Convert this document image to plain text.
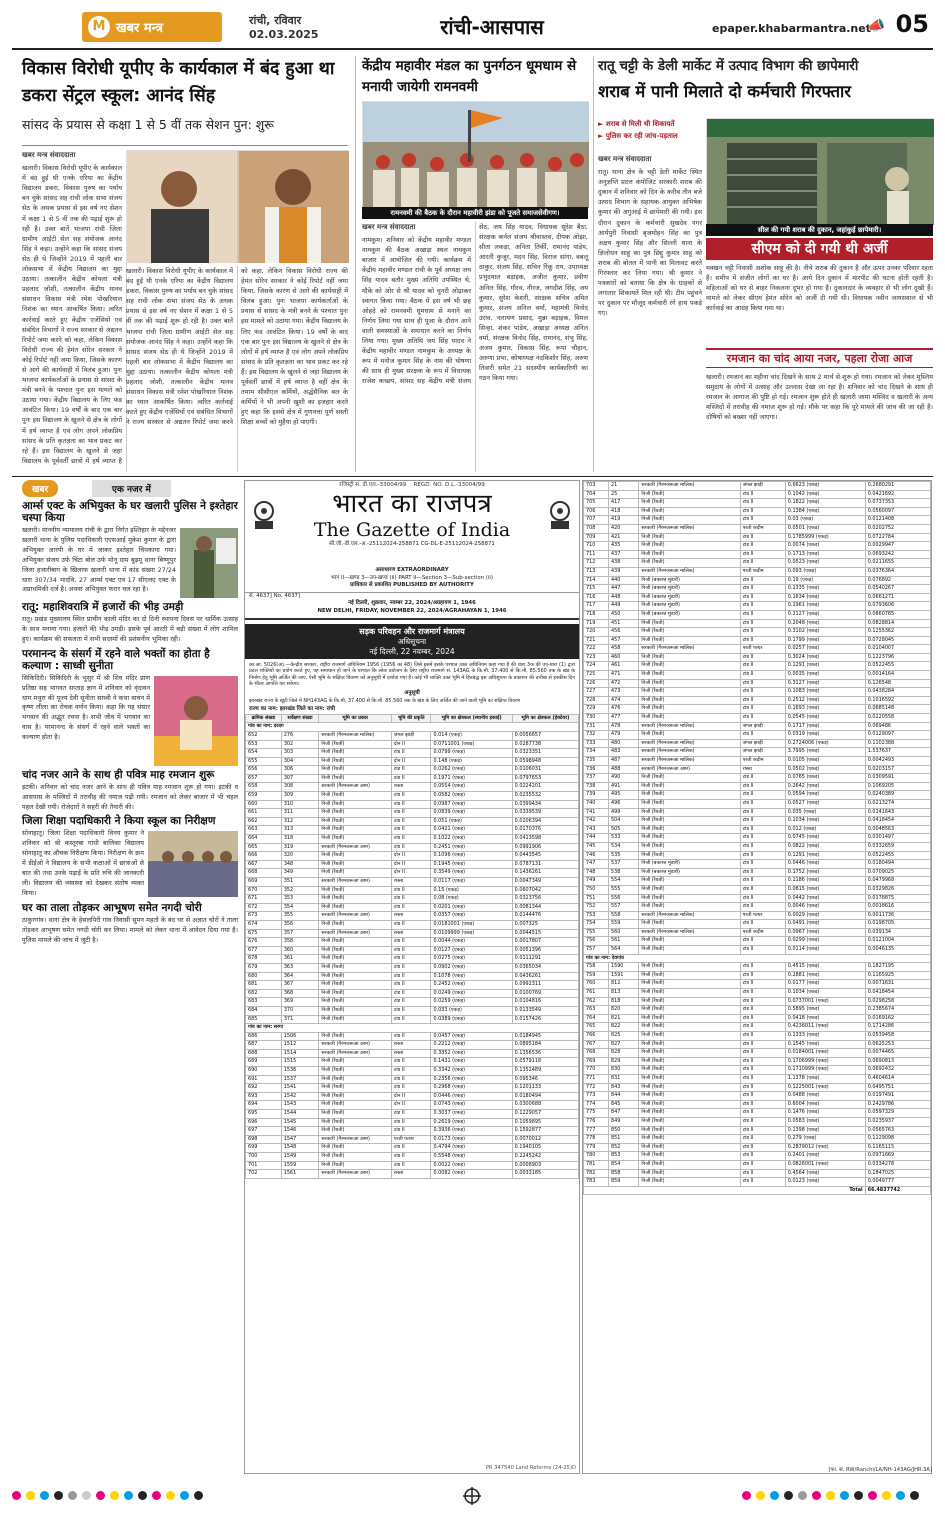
M खबर मन्त्र
रांची, रविवार
02.03.2025	रांची-आसपास	epaper.khabarmantra.net
📣 05
विकास विरोधी यूपीए के कार्यकाल में बंद हुआ था डकरा सेंट्रल स्कूल: आनंद सिंह
सांसद के प्रयास से कक्षा 1 से 5 वीं तक सेशन पुन: शुरू
खबर मन्त्र संवाददाता
खलारी। विकास विरोधी यूपीए के कार्यकाल में बंद हुई थी एनके एरिया का केंद्रीय विद्यालय डकरा, विकास पुरुष का पर्याय बन चुके सांसद सह रांची लोक सभा संजय सेठ के अथक प्रयास से इस वर्ष नए सेशन में कक्षा 1 से 5 वीं तक की पढ़ाई शुरू हो रही है। उक्त बातें भाजपा रांची जिला ग्रामीण आईटी सेल सह संयोजक आनंद सिंह ने कहा। उन्होंने कहा कि सांसद संजय सेठ ही थे जिन्होंने 2019 में पहली बार लोकसभा में केंद्रीय विद्यालय का मुद्दा उठाया। तत्कालीन केंद्रीय कोयला मंत्री प्रहलाद जोशी, तत्कालीन केंद्रीय मानव संसाधन विकास मंत्री रमेश पोखरियाल निशंक का ध्यान आकर्षित किया। त्वरित कार्रवाई करते हुए केंद्रीय एजेंसियों एवं संबंधित विभागों ने राज्य सरकार से अद्यतन रिपोर्ट जमा करने को कहा, लेकिन विकास विरोधी राज्य की हेमंत सोरेन सरकार ने कोई रिपोर्ट नहीं जमा किया, जिसके कारण से आगे की कार्यवाही में विलंब हुआ। पुनः भाजपा कार्यकर्ताओं के प्रयास से सांसद के मंत्री बनने के पश्चात पुनः इस मामले को उठाया गया। केंद्रीय विद्यालय के लिए फंड आवंटित किया। 19 वर्षों के बाद एक बार पुनः इस विद्यालय के खुलने से क्षेत्र के लोगों में हर्ष व्याप्त है एवं लोग अपने लोकप्रिय सांसद के प्रति कृतज्ञता का भाव प्रकट कर रहे हैं। इस विद्यालय के खुलने से जहां विद्यालय के पूर्ववर्ती छात्रों में हर्ष व्याप्त है
खलारी। विकास विरोधी यूपीए के कार्यकाल में बंद हुई थी एनके एरिया का केंद्रीय विद्यालय डकरा, विकास पुरुष का पर्याय बन चुके सांसद सह रांची लोक सभा संजय सेठ के अथक प्रयास से इस वर्ष नए सेशन में कक्षा 1 से 5 वीं तक की पढ़ाई शुरू हो रही है। उक्त बातें भाजपा रांची जिला ग्रामीण आईटी सेल सह संयोजक आनंद सिंह ने कहा। उन्होंने कहा कि सांसद संजय सेठ ही थे जिन्होंने 2019 में पहली बार लोकसभा में केंद्रीय विद्यालय का मुद्दा उठाया। तत्कालीन केंद्रीय कोयला मंत्री प्रहलाद जोशी, तत्कालीन केंद्रीय मानव संसाधन विकास मंत्री रमेश पोखरियाल निशंक का ध्यान आकर्षित किया। त्वरित कार्रवाई करते हुए केंद्रीय एजेंसियों एवं संबंधित विभागों ने राज्य सरकार से अद्यतन रिपोर्ट जमा करने को कहा, लेकिन विकास विरोधी राज्य की हेमंत सोरेन सरकार ने कोई रिपोर्ट नहीं जमा किया, जिसके कारण से आगे की कार्यवाही में विलंब हुआ। पुनः भाजपा कार्यकर्ताओं के प्रयास से सांसद के मंत्री बनने के पश्चात पुनः इस मामले को उठाया गया। केंद्रीय विद्यालय के लिए फंड आवंटित किया। 19 वर्षों के बाद एक बार पुनः इस विद्यालय के खुलने से क्षेत्र के लोगों में हर्ष व्याप्त है एवं लोग अपने लोकप्रिय सांसद के प्रति कृतज्ञता का भाव प्रकट कर रहे हैं। इस विद्यालय के खुलने से जहां विद्यालय के पूर्ववर्ती छात्रों में हर्ष व्याप्त है वहीं क्षेत्र के तमाम सीसीएल कर्मियों, अर्द्धसैनिक बल के कर्मियों ने भी अपनी खुशी का इजहार करते हुए कहा कि इससे क्षेत्र में गुणवत्ता पूर्ण सस्ती शिक्षा बच्चों को मुहैया हो पाएगी।
केंद्रीय महावीर मंडल का पुनर्गठन धूमधाम से मनायी जायेगी रामनवमी
रामनवमी की बैठक के दौरान महावीरी झंडा को पूजते समाजसेवीगण।
खबर मन्त्र संवाददाता
नामकुम। शनिवार को केंद्रीय महावीर मण्डल नामकुम की बैठक अखाड़ा स्थल नामकुम बाजार में आयोजित की गयी। कार्यक्रम में केंद्रीय महावीर मण्डल रांची के पूर्व अध्यक्ष जय सिंह यादव बतौर मुख्य अतिथि उपस्थित थे, मौके को ओर से श्री यादव को चुनरी ओढ़ाकर स्वागत किया गया। बैठक में इस वर्ष भी छह ओहदे को रामनवमी धूमधाम से मनाने का निर्णय लिया गया साथ ही पूजा के दौरान आने वाली समस्याओं के समाधान करने का निर्णय लिया गया। मुख्य अतिथि जय सिंह यादव ने केंद्रीय महावीर मण्डल नामकुम के अध्यक्ष के रूप में मनोज कुमार सिंह के नाम की घोषणा की साथ ही मुख्य संरक्षक के रूप में विधायक राजेश कच्छप, सांसद सह केंद्रीय मंत्री संजय सेठ, जय सिंह यादव, विधायक सुरेश बैठा, संरक्षक कर्नल संजय श्रीवास्तव, दीपक ओझा, सीता लकड़ा, अनिता तिर्की, रामानंद पांडेय, आरती कुजूर, मदन सिंह, विराज सांगा, बबलू ठाकुर, संजय सिंह, सचिन रिंकू राय, उपाध्यक्ष प्रभुदयाल बड़ाइक, अजीत कुमार, प्रवीण अनिल सिंह, गौरव, नीरज, जगदीश सिंह, जय कुमार, सुरेश केशरी, संरक्षक सचिव अमित कुमार, संजय अनिल वर्मा, महामंत्री विनोद उरांव, नारायण प्रसाद, मुन्ना बड़ाइक, विमल सिन्हा, शंकर पांडेय, अखाड़ा अध्यक्ष अनिल वर्मा, संरक्षक विनोद सिंह, रामानंद, शंभु सिंह, अजय कुमार, विकास सिंह, रूपा चौहान, अरुणा प्रभा, कोषाध्यक्ष नंदकिशोर सिंह, अरुण तिवारी समेत 21 सदस्यीय कार्यकारिणी का गठन किया गया।
रातू चट्टी के डेली मार्केट में उत्पाद विभाग की छापेमारी
शराब में पानी मिलाते दो कर्मचारी गिरफ्तार
► शराब से मिली थी शिकायतें
► पुलिस कर रही जांच-पड़ताल
खबर मन्त्र संवाददाता
रातू। थाना क्षेत्र के चट्टी डेली मार्केट स्थित अनुज्ञप्ति प्रदत्त कंपोजिट सरकारी शराब की दुकान में शनिवार को दिन के करीब तीन बजे उत्पाद विभाग के सहायक आयुक्त अभिषेक कुमार की अगुआई में छापेमारी की गयी। इस दौरान दुकान के कर्मचारी सुखदेव नगर आर्यपुरी निवासी बृजमोहन सिंह का पुत्र अक्षय कुमार सिंह और सिल्ली थाना के ज्ञिलोधन साहू का पुत्र छिद्दु कुमार साहू को शराब की बोतल में पानी का मिलावट करते गिरफ्तार कर लिया गया। श्री कुमार ने पत्रकारों को बताया कि क्षेत्र के ग्राहकों से लगातार शिकायतें मिल रही थी। टीम पहुंचने पर दुकान पर मौजूद कर्मचारी रंगे हाथ पकड़े गए।
सील की गयी शराब की दुकान, जहांकुई छापेमारी।
सीएम को दी गयी थी अर्जी
मक्खन चट्टी निवासी अशोक साहू की है। नीचे शराब की दुकान है और ऊपर उनका परिवार रहता है। समीप में संजीत लोगों का घर है। आये दिन दुकान में मारपीट की घटना होती रहती है। महिलाओं को घर से बाहर निकलना दूभर हो गया है। दुकानदार के व्यवहार से भी लोग दुखी हैं। मामले को लेकर सीएम हेमंत सोरेन को अर्जी दी गयी थी। विधायक नवीन जायसवाल से भी कार्रवाई का आग्रह किया गया था।
रमजान का चांद आया नजर, पहला रोजा आज
खलारी। रमजान का महीना चांद दिखने के साथ 2 मार्च से शुरू हो गया। रमजान को लेकर मुस्लिम समुदाय के लोगों में उत्साह और उल्लास देखा जा रहा है। शनिवार को चांद दिखने के साथ ही रमजान के आगाज की पुष्टि हो गई। रमजान शुरू होते ही खलारी जामा मस्जिद व खलारी के अन्य मस्जिदों में तरावीह की नमाज शुरू हो गई। मौके पर कहा कि पूरे मामले की जांच की जा रही है। दोषियों को बख्शा नहीं जाएगा।
खबर	एक नजर में
आर्म्स एक्ट के अभियुक्त के घर खलारी पुलिस ने इश्तेहार चस्पा किया

खलारी। माननीय न्यायालय रांची के द्वारा निर्गत इश्तिहार के मद्देनजर खलारी थाना के पुलिस पदाधिकारी एएसआई मुकेश कुमार के द्वारा अभियुक्त आरपी के घर में जाकर इश्तेहार चिपकाया गया। अभियुक्त संजय उर्फ चिंटा बोल उर्फ मोनू ग्राम बुढ़मू थाना बिष्णुपुर जिला हजारीबाग के खिलाफ खलारी थाना में कांड संख्या 27/24 धारा 307/34 भादंवि, 27 आर्म्स एक्ट एवं 17 सीएलए एक्ट के अप्राथमिकी दर्ज है। अथवा अभियुक्त फरार चल रहा है।

रातू: महाशिवरात्रि में हजारों की भीड़ उमड़ी

रातू। प्रखंड मुख्यालय स्थित प्राचीन काली मंदिर का दो दिनी स्थापना दिवस पर धार्मिक उत्साह के साथ मनाया गया। हजारों की भीड़ उमड़ी। इसके पूर्व आरती में बड़ी संख्या में लोग शामिल हुए। कार्यक्रम की सफलता में सभी सदस्यों की प्रशंसनीय भूमिका रही।

परमानन्द के संसर्ग में रहने वाले भक्तों का होता है कल्याण : साध्वी सुनीता

सिकिदिरी। सिकिदिरी के भुसुर में श्री शिव मंदिर प्राण प्रतिष्ठा सह भागवत सप्ताह ज्ञान में शनिवार को वृंदावन धाम मथुरा की पूज्य देवी सुनीता साध्वी ने कथा वाचन में कृष्ण लीला का रोचक वर्णन किया। कहा कि यह संसार भगवान की अद्भुत रचना है। सभी जीव में भगवान का वास है। परमानन्द के संसर्ग में रहने वाले भक्तों का कल्याण होता है।

चांद नजर आने के साथ ही पवित्र माह रमजान शुरू

इटकी। शनिवार को चांद नजर आने के साथ ही पवित्र माह रमजान शुरू हो गया। इटकी व आसपास के मस्जिदों में तरावीह की नमाज पढ़ी गयी। रमजान को लेकर बाजार में भी चहल पहल देखी गयी। रोजेदारों ने सहरी की तैयारी की।

जिला शिक्षा पदाधिकारी ने किया स्कूल का निरीक्षण

सोनाहातू। जिला शिक्षा पदाधिकारी विनय कुमार ने शनिवार को श्री कस्तूरबा गांधी बालिका विद्यालय सोनाहातू का औचक निरीक्षण किया। निरीक्षण के क्रम में डीईओ ने विद्यालय के सभी कक्षाओं में छात्राओं से बात की तथा उनके पढ़ाई के प्रति रुचि की जानकारी ली। विद्यालय की व्यवस्था को देखकर संतोष व्यक्त किया।

घर का ताला तोड़कर आभूषण समेत नगदी चोरी

ठाकुरगांव। थाना क्षेत्र के हेसलपिरी गांव निवासी सुमन महतो के बंद घर से अज्ञात चोरों ने ताला तोड़कर आभूषण समेत नगदी चोरी कर लिया। मामले को लेकर थाना में आवेदन दिया गया है। पुलिस मामले की जांच में जुटी है।

रजिस्ट्री सं. डी.एल.-33004/99 REGD. NO. D.L.-33004/99
भारत का राजपत्र
The Gazette of India
सी.जी.-डी.एल.-अ.-25112024-258871 CG-DL-E-25112024-258871
असाधारण EXTRAORDINARY
भाग II—खण्ड 3—उप-खण्ड (ii) PART II—Section 3—Sub-section (ii)
प्राधिकार से प्रकाशित PUBLISHED BY AUTHORITY
सं. 4637] No. 4637]
नई दिल्ली, शुक्रवार, नवम्बर 22, 2024/अग्रहायण 1, 1946
NEW DELHI, FRIDAY, NOVEMBER 22, 2024/AGRAHAYAN 1, 1946
सड़क परिवहन और राजमार्ग मंत्रालय
अधिसूचना
नई दिल्ली, 22 नवम्बर, 2024
का.आ. 5026(अ).—केन्द्रीय सरकार, राष्ट्रीय राजमार्ग अधिनियम 1956 (1956 का 48) जिसे इसमें इसके पश्चात उक्त अधिनियम कहा गया है की धारा 3क की उप-धारा (1) द्वारा प्रदत्त शक्तियों का प्रयोग करते हुए, यह समाधान हो जाने के पश्चात कि लोक प्रयोजन के लिए राष्ट्रीय राजमार्ग सं. 143AG के कि.मी. 37.400 से कि.मी. 85.560 तक के खंड के निर्माण हेतु भूमि अर्जित की जाए, ऐसी भूमि के संक्षिप्त विवरण को अनुसूची में दर्शाया गया है। कोई भी व्यक्ति उक्त भूमि में हितबद्ध इस अधिसूचना के प्रकाशन की तारीख से इक्कीस दिन के भीतर आपत्ति कर सकेगा।
अनुसूची
झारखंड राज्य के खूंटी जिले में NH143AG के कि.मी. 37.400 से कि.मी. 85.560 तक के खंड के लिए अर्जित की जाने वाली भूमि का संक्षिप्त विवरण
राज्य का नाम: झारखंड जिले का नाम: रांची
क्रमिक संख्या	सर्वेक्षण संख्या	भूमि का प्रकार	भूमि की प्रकृति	भूमि का क्षेत्रफल (स्थानीय इकाई)	भूमि का क्षेत्रफल (हेक्टेयर)
गांव का नाम: दरदग					
652	276	सरकारी (गैरमजरूआ मालिक)	जंगल झाड़ी	0.014 (एकड़)	0.0056657
653	302	निजी (रैयती)	दोन II	0.0711001 (एकड़)	0.0287738
654	303	निजी (रैयती)	टांड II	0.0799 (एकड़)	0.0323351
655	304	निजी (रैयती)	दोन II	0.148 (एकड़)	0.0598948
656	306	निजी (रैयती)	टांड II	0.0262 (एकड़)	0.0106031
657	307	निजी (रैयती)	टांड II	0.1971 (एकड़)	0.0797653
658	308	सरकारी (गैरमजरूआ आम)	रास्ता	0.0554 (एकड़)	0.0224201
659	309	निजी (रैयती)	टांड II	0.0582 (एकड़)	0.0235532
660	310	निजी (रैयती)	टांड II	0.0987 (एकड़)	0.0399434
661	311	निजी (रैयती)	टांड II	0.0839 (एकड़)	0.0339539
662	312	निजी (रैयती)	टांड II	0.051 (एकड़)	0.0206394
663	313	निजी (रैयती)	टांड II	0.0421 (एकड़)	0.0170376
664	318	निजी (रैयती)	टांड II	0.1022 (एकड़)	0.0413598
665	319	सरकारी (गैरमजरूआ आम)	टांड II	0.2451 (एकड़)	0.0991906
666	320	निजी (रैयती)	दोन II	0.1096 (एकड़)	0.0443545
667	348	निजी (रैयती)	दोन II	0.1945 (एकड़)	0.0787131
668	349	निजी (रैयती)	दोन II	0.3549 (एकड़)	0.1436261
669	351	सरकारी (गैरमजरूआ आम)	रास्ता	0.0117 (एकड़)	0.0047349
670	352	निजी (रैयती)	टांड II	0.15 (एकड़)	0.0607042
671	353	निजी (रैयती)	टांड II	0.08 (एकड़)	0.0323756
672	354	निजी (रैयती)	टांड II	0.0201 (एकड़)	0.0081344
673	355	सरकारी (गैरमजरूआ आम)	रास्ता	0.0357 (एकड़)	0.0144476
674	356	निजी (रैयती)	टांड II	0.0181001 (एकड़)	0.007325
675	357	सरकारी (गैरमजरूआ आम)	रास्ता	0.0109999 (एकड़)	0.0044515
676	358	निजी (रैयती)	टांड II	0.0044 (एकड़)	0.0017807
677	360	निजी (रैयती)	टांड II	0.0127 (एकड़)	0.0051396
678	361	निजी (रैयती)	टांड II	0.0275 (एकड़)	0.0111291
679	363	निजी (रैयती)	टांड II	0.0902 (एकड़)	0.0365034
680	364	निजी (रैयती)	टांड II	0.1078 (एकड़)	0.0436261
681	367	निजी (रैयती)	टांड II	0.2452 (एकड़)	0.0992311
682	368	निजी (रैयती)	टांड II	0.0249 (एकड़)	0.0100769
683	369	निजी (रैयती)	टांड II	0.0259 (एकड़)	0.0104816
684	370	निजी (रैयती)	टांड II	0.033 (एकड़)	0.0133549
685	371	निजी (रैयती)	टांड II	0.0389 (एकड़)	0.0157426
गांव का नाम: सरगा					
686	1506	निजी (रैयती)	टांड II	0.0457 (एकड़)	0.0184945
687	1512	सरकारी (गैरमजरूआ आम)	रास्ता	0.2212 (एकड़)	0.0895184
688	1514	सरकारी (गैरमजरूआ आम)	रास्ता	0.3352 (एकड़)	0.1356536
689	1515	निजी (रैयती)	टांड II	0.1431 (एकड़)	0.0579118
690	1536	निजी (रैयती)	टांड II	0.3342 (एकड़)	0.1352489
691	1537	निजी (रैयती)	टांड II	0.2356 (एकड़)	0.095346
692	1541	निजी (रैयती)	टांड II	0.2968 (एकड़)	0.1201133
693	1542	निजी (रैयती)	दोन II	0.0446 (एकड़)	0.0180494
694	1543	निजी (रैयती)	दोन II	0.0743 (एकड़)	0.0300688
695	1544	निजी (रैयती)	टांड II	0.3037 (एकड़)	0.1229057
696	1545	निजी (रैयती)	टांड II	0.2619 (एकड़)	0.1059895
697	1546	निजी (रैयती)	टांड II	0.3936 (एकड़)	0.1592877
698	1547	सरकारी (गैरमजरूआ आम)	परती पत्थर	0.0173 (एकड़)	0.0070012
699	1548	निजी (रैयती)	टांड II	0.4794 (एकड़)	0.1940105
700	1549	निजी (रैयती)	टांड II	0.5548 (एकड़)	0.2245242
701	1559	निजी (रैयती)	टांड II	0.0022 (एकड़)	0.0008903
702	1561	सरकारी (गैरमजरूआ आम)	रास्ता	0.0082 (एकड़)	0.0033185
703	21	सरकारी (गैरमजरूआ मालिक)	जंगल झाड़ी	0.6623 (एकड़)	0.2680291
704	25	निजी (रैयती)	टांड II	0.1042 (एकड़)	0.0421692
705	417	निजी (रैयती)	टांड II	0.1822 (एकड़)	0.0737353
706	418	निजी (रैयती)	टांड II	0.1384 (एकड़)	0.0560097
707	419	निजी (रैयती)	टांड II	0.03 (एकड़)	0.0121408
708	420	सरकारी (गैरमजरूआ मालिक)	परती कदीम	0.0501 (एकड़)	0.0202752
709	421	निजी (रैयती)	टांड II	0.1785999 (एकड़)	0.0722784
710	435	निजी (रैयती)	टांड II	0.0074 (एकड़)	0.0029947
711	437	निजी (रैयती)	टांड II	0.1713 (एकड़)	0.0693242
712	438	निजी (रैयती)	टांड II	0.0523 (एकड़)	0.0211655
713	439	सरकारी (गैरमजरूआ मालिक)	परती कदीम	0.093 (एकड़)	0.0376364
714	440	निजी (बकाश्त मुंडारी)	टांड II	0.19 (एकड़)	0.076892
715	447	निजी (बकाश्त मुंडारी)	टांड II	0.1335 (एकड़)	0.0540267
716	448	निजी (बकाश्त मुंडारी)	टांड II	0.1634 (एकड़)	0.0661271
717	449	निजी (बकाश्त मुंडारी)	टांड II	0.1961 (एकड़)	0.0793606
718	450	निजी (बकाश्त मुंडारी)	टांड II	0.2127 (एकड़)	0.0860785
719	451	निजी (रैयती)	टांड II	0.2048 (एकड़)	0.0828814
720	456	निजी (रैयती)	टांड II	0.3102 (एकड़)	0.1255362
721	457	निजी (रैयती)	टांड II	0.1799 (एकड़)	0.0728045
722	458	सरकारी (गैरमजरूआ मालिक)	परती पत्थर	0.0257 (एकड़)	0.0104007
723	460	निजी (रैयती)	टांड II	0.3024 (एकड़)	0.1223796
724	461	निजी (रैयती)	टांड II	0.1291 (एकड़)	0.0522455
725	471	निजी (रैयती)	टांड II	0.0035 (एकड़)	0.0014164
726	472	निजी (रैयती)	टांड II	0.3127 (एकड़)	0.126548
727	473	निजी (रैयती)	टांड II	0.1083 (एकड़)	0.0438284
728	474	निजी (रैयती)	टांड II	0.2512 (एकड़)	0.1016592
729	476	निजी (रैयती)	टांड II	0.1693 (एकड़)	0.0685148
730	477	निजी (रैयती)	टांड II	0.0545 (एकड़)	0.0220558
731	478	सरकारी (गैरमजरूआ मालिक)	जंगल झाड़ी	0.1717 (एकड़)	0.069486
732	479	निजी (रैयती)	टांड II	0.0319 (एकड़)	0.0129097
733	480	सरकारी (गैरमजरूआ मालिक)	जंगल झाड़ी	0.2724006 (एकड़)	0.1102388
734	483	सरकारी (गैरमजरूआ मालिक)	जंगल झाड़ी	3.7995 (एकड़)	1.537637
735	487	सरकारी (गैरमजरूआ मालिक)	परती कदीम	0.0105 (एकड़)	0.0042493
736	488	सरकारी (गैरमजरूआ आम)	रास्ता	0.0502 (एकड़)	0.0203157
737	490	निजी (रैयती)	टांड II	0.0765 (एकड़)	0.0309591
738	491	निजी (रैयती)	टांड II	0.2642 (एकड़)	0.1069205
739	495	निजी (रैयती)	टांड II	0.0594 (एकड़)	0.0240389
740	496	निजी (रैयती)	टांड II	0.0527 (एकड़)	0.0213274
741	499	निजी (रैयती)	टांड II	0.035 (एकड़)	0.0141643
742	504	निजी (रैयती)	टांड II	0.1034 (एकड़)	0.0418454
743	505	निजी (रैयती)	टांड II	0.012 (एकड़)	0.0048563
744	533	निजी (रैयती)	टांड II	0.0745 (एकड़)	0.0301497
745	534	निजी (रैयती)	टांड II	0.0822 (एकड़)	0.0332659
746	535	निजी (रैयती)	टांड II	0.1291 (एकड़)	0.0522455
747	537	निजी (बकाश्त मुंडारी)	टांड II	0.0446 (एकड़)	0.0180494
748	538	निजी (बकाश्त मुंडारी)	टांड II	0.1752 (एकड़)	0.0709025
749	554	निजी (रैयती)	टांड II	0.1186 (एकड़)	0.0479968
750	555	निजी (रैयती)	टांड II	0.0815 (एकड़)	0.0329826
751	556	निजी (रैयती)	टांड II	0.0442 (एकड़)	0.0178875
752	557	निजी (रैयती)	टांड II	0.0046 (एकड़)	0.0018616
753	558	सरकारी (गैरमजरूआ मालिक)	परती पत्थर	0.0029 (एकड़)	0.0011736
754	559	निजी (रैयती)	टांड II	0.0491 (एकड़)	0.0198705
755	560	सरकारी (गैरमजरूआ मालिक)	परती कदीम	0.0967 (एकड़)	0.039134
756	561	निजी (रैयती)	टांड II	0.0299 (एकड़)	0.0121004
757	564	निजी (रैयती)	टांड II	0.0114 (एकड़)	0.0046135
गांव का नाम: देवगांव					
758	1590	निजी (रैयती)	टांड II	0.4515 (एकड़)	0.1827195
759	1591	निजी (रैयती)	टांड II	0.2881 (एकड़)	0.1165925
760	812	निजी (रैयती)	टांड II	0.0177 (एकड़)	0.0071631
761	813	निजी (रैयती)	टांड II	0.1034 (एकड़)	0.0418454
762	818	निजी (रैयती)	टांड II	0.0737001 (एकड़)	0.0298258
763	820	निजी (रैयती)	टांड II	0.5895 (एकड़)	0.2385674
764	821	निजी (रैयती)	टांड II	0.0418 (एकड़)	0.0169162
765	822	निजी (रैयती)	टांड II	0.4236011 (एकड़)	0.1714286
766	825	निजी (रैयती)	टांड II	0.1333 (एकड़)	0.0539458
767	827	निजी (रैयती)	टांड II	0.1545 (एकड़)	0.0625253
768	828	निजी (रैयती)	टांड II	0.0184001 (एकड़)	0.0074465
769	829	निजी (रैयती)	टांड II	0.1706999 (एकड़)	0.0690813
770	830	निजी (रैयती)	टांड II	0.1710999 (एकड़)	0.0692432
771	831	निजी (रैयती)	टांड II	1.1378 (एकड़)	0.4604614
772	843	निजी (रैयती)	टांड II	0.1225001 (एकड़)	0.0495751
773	844	निजी (रैयती)	टांड II	0.0488 (एकड़)	0.0197491
774	845	निजी (रैयती)	टांड II	0.6004 (एकड़)	0.2429786
775	847	निजी (रैयती)	टांड II	0.1476 (एकड़)	0.0597329
776	849	निजी (रैयती)	टांड II	0.0583 (एकड़)	0.0235937
777	850	निजी (रैयती)	टांड II	0.1398 (एकड़)	0.0565763
778	851	निजी (रैयती)	टांड II	0.279 (एकड़)	0.1129098
779	852	निजी (रैयती)	टांड II	0.2879012 (एकड़)	0.1165115
780	853	निजी (रैयती)	टांड II	0.2401 (एकड़)	0.0971669
781	854	निजी (रैयती)	टांड II	0.0826001 (एकड़)	0.0334278
782	858	निजी (रैयती)	टांड II	0.4564 (एकड़)	0.1847025
783	859	निजी (रैयती)	टांड II	0.0123 (एकड़)	0.0049777
Total					66.4837742
[फा. सं. RW/Ranchi/LA/NH-143AG/JHR.3A]
PR 347540 Land Reforms (24-25)D
